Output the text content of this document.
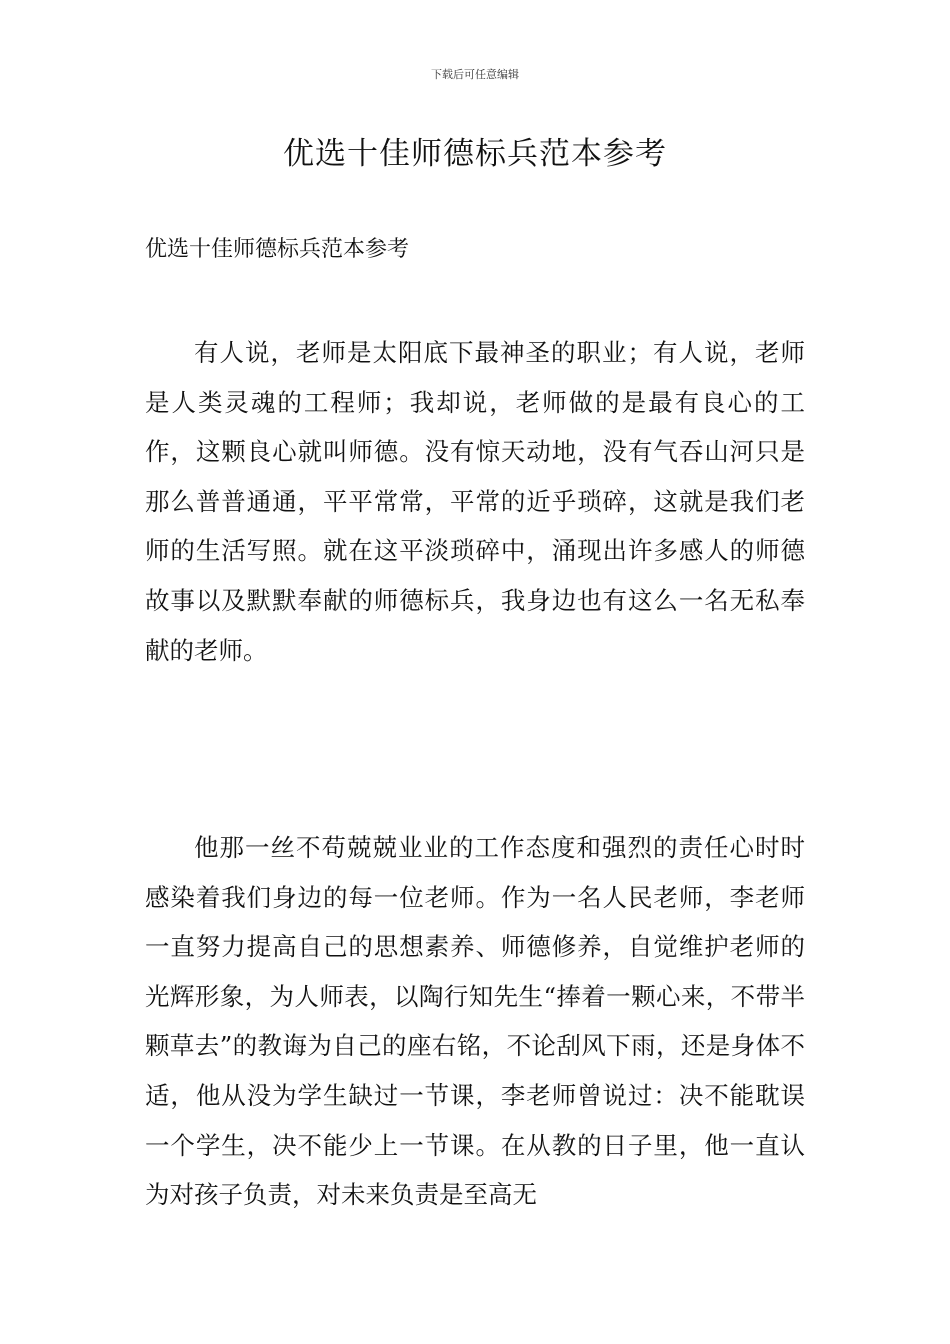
下载后可任意编辑
优选十佳师德标兵范本参考

优选十佳师德标兵范本参考

有人说，老师是太阳底下最神圣的职业；有人说，老师是人类灵魂的工程师；我却说，老师做的是最有良心的工作，这颗良心就叫师德。没有惊天动地，没有气吞山河只是那么普普通通，平平常常，平常的近乎琐碎，这就是我们老师的生活写照。就在这平淡琐碎中，涌现出许多感人的师德故事以及默默奉献的师德标兵，我身边也有这么一名无私奉献的老师。

他那一丝不苟兢兢业业的工作态度和强烈的责任心时时感染着我们身边的每一位老师。作为一名人民老师，李老师一直努力提高自己的思想素养、师德修养，自觉维护老师的光辉形象，为人师表，以陶行知先生“捧着一颗心来，不带半颗草去”的教诲为自己的座右铭，不论刮风下雨，还是身体不适，他从没为学生缺过一节课，李老师曾说过：决不能耽误一个学生，决不能少上一节课。在从教的日子里，他一直认为对孩子负责，对未来负责是至高无
